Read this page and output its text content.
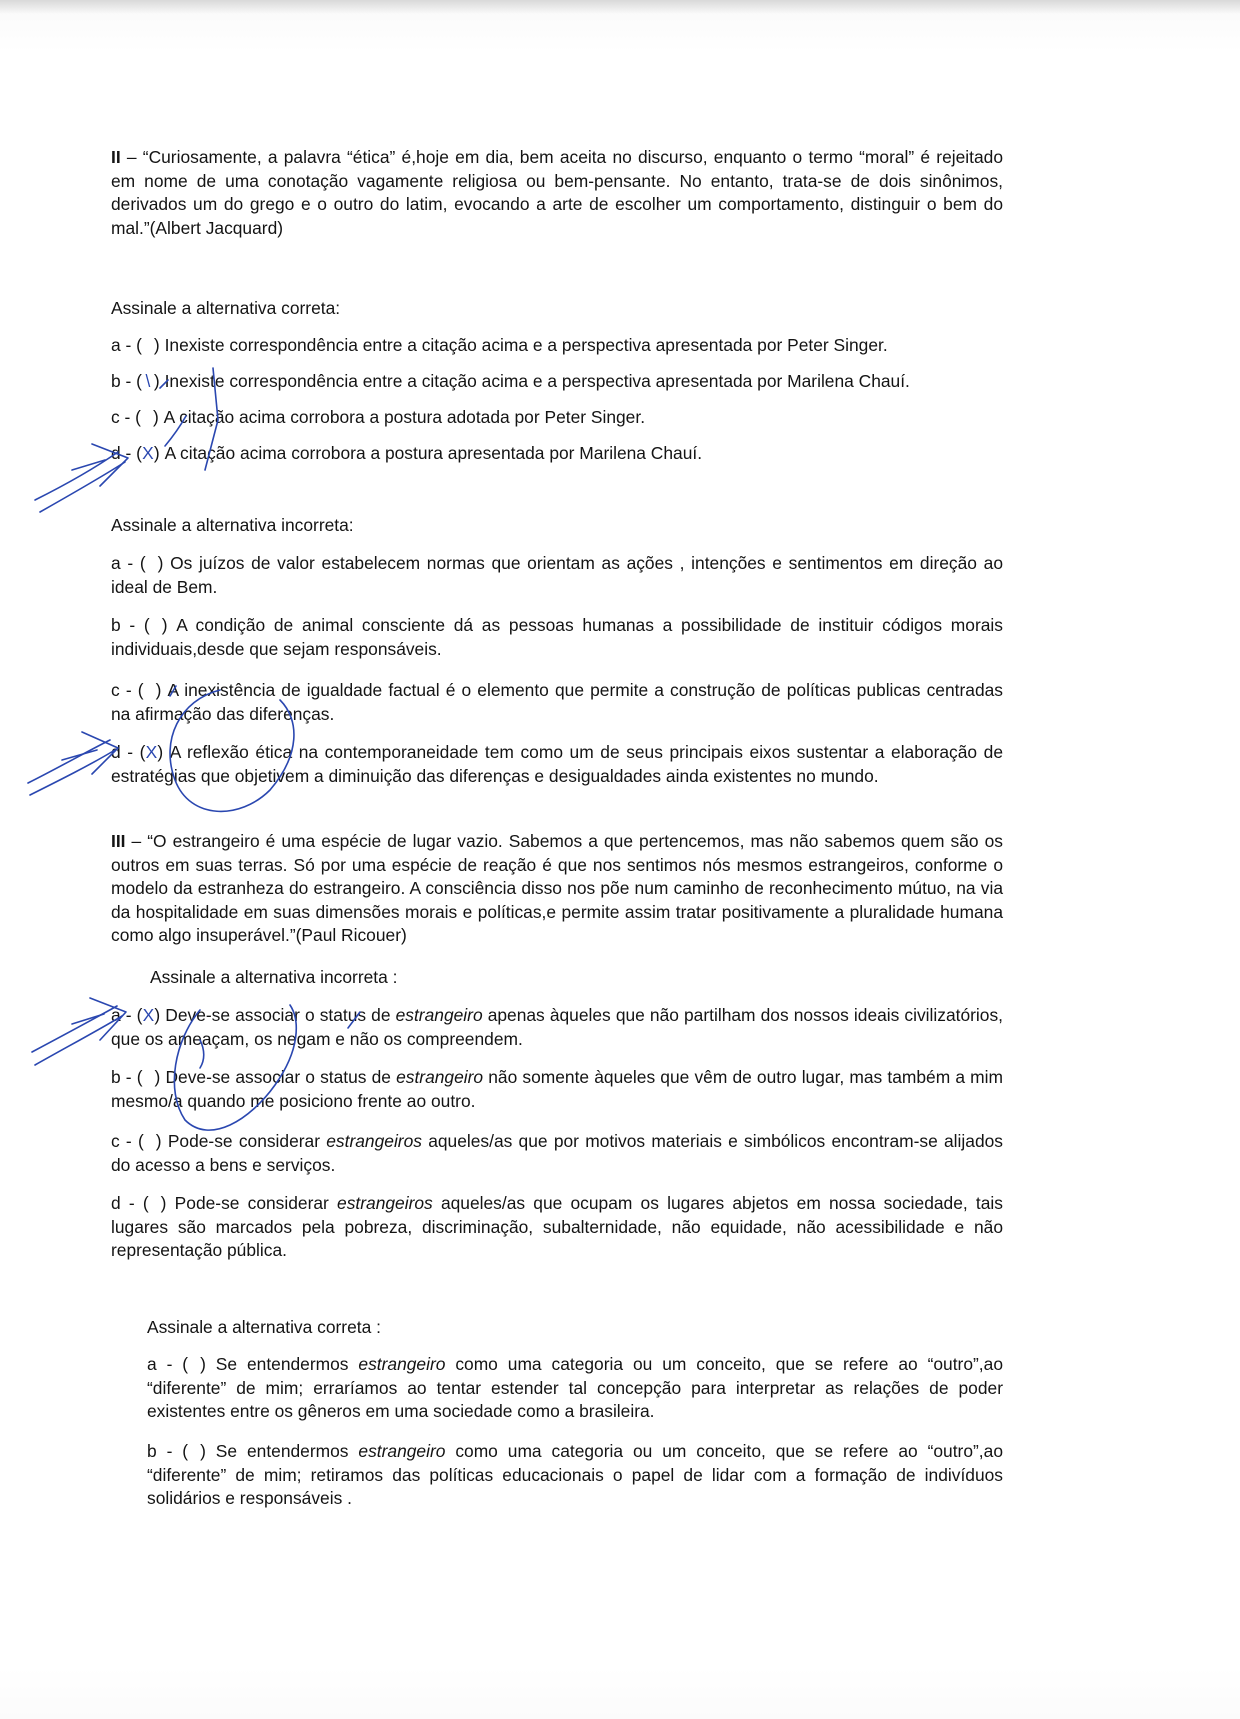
II – “Curiosamente, a palavra “ética” é,hoje em dia, bem aceita no discurso, enquanto o termo “moral” é rejeitado em nome de uma conotação vagamente religiosa ou bem-pensante. No entanto, trata-se de dois sinônimos, derivados um do grego e o outro do latim, evocando a arte de escolher um comportamento, distinguir o bem do mal.”(Albert Jacquard)
Assinale a alternativa correta:
a - ( ) Inexiste correspondência entre a citação acima e a perspectiva apresentada por Peter Singer.
b - ( \ ) Inexiste correspondência entre a citação acima e a perspectiva apresentada por Marilena Chauí.
c - ( ) A citação acima corrobora a postura adotada por Peter Singer.
d - (X) A citação acima corrobora a postura apresentada por Marilena Chauí.
Assinale a alternativa incorreta:
a - ( ) Os juízos de valor estabelecem normas que orientam as ações , intenções e sentimentos em direção ao ideal de Bem.
b - ( ) A condição de animal consciente dá as pessoas humanas a possibilidade de instituir códigos morais individuais,desde que sejam responsáveis.
c - ( ) A inexistência de igualdade factual é o elemento que permite a construção de políticas publicas centradas na afirmação das diferenças.
d - (X) A reflexão ética na contemporaneidade tem como um de seus principais eixos sustentar a elaboração de estratégias que objetivem a diminuição das diferenças e desigualdades ainda existentes no mundo.
III – “O estrangeiro é uma espécie de lugar vazio. Sabemos a que pertencemos, mas não sabemos quem são os outros em suas terras. Só por uma espécie de reação é que nos sentimos nós mesmos estrangeiros, conforme o modelo da estranheza do estrangeiro. A consciência disso nos põe num caminho de reconhecimento mútuo, na via da hospitalidade em suas dimensões morais e políticas,e permite assim tratar positivamente a pluralidade humana como algo insuperável.”(Paul Ricouer)
Assinale a alternativa incorreta :
a - (X) Deve-se associar o status de estrangeiro apenas àqueles que não partilham dos nossos ideais civilizatórios, que os ameaçam, os negam e não os compreendem.
b - ( ) Deve-se associar o status de estrangeiro não somente àqueles que vêm de outro lugar, mas também a mim mesmo/a quando me posiciono frente ao outro.
c - ( ) Pode-se considerar estrangeiros aqueles/as que por motivos materiais e simbólicos encontram-se alijados do acesso a bens e serviços.
d - ( ) Pode-se considerar estrangeiros aqueles/as que ocupam os lugares abjetos em nossa sociedade, tais lugares são marcados pela pobreza, discriminação, subalternidade, não equidade, não acessibilidade e não representação pública.
Assinale a alternativa correta :
a - ( ) Se entendermos estrangeiro como uma categoria ou um conceito, que se refere ao “outro”,ao “diferente” de mim; erraríamos ao tentar estender tal concepção para interpretar as relações de poder existentes entre os gêneros em uma sociedade como a brasileira.
b - ( ) Se entendermos estrangeiro como uma categoria ou um conceito, que se refere ao “outro”,ao “diferente” de mim; retiramos das políticas educacionais o papel de lidar com a formação de indivíduos solidários e responsáveis .
